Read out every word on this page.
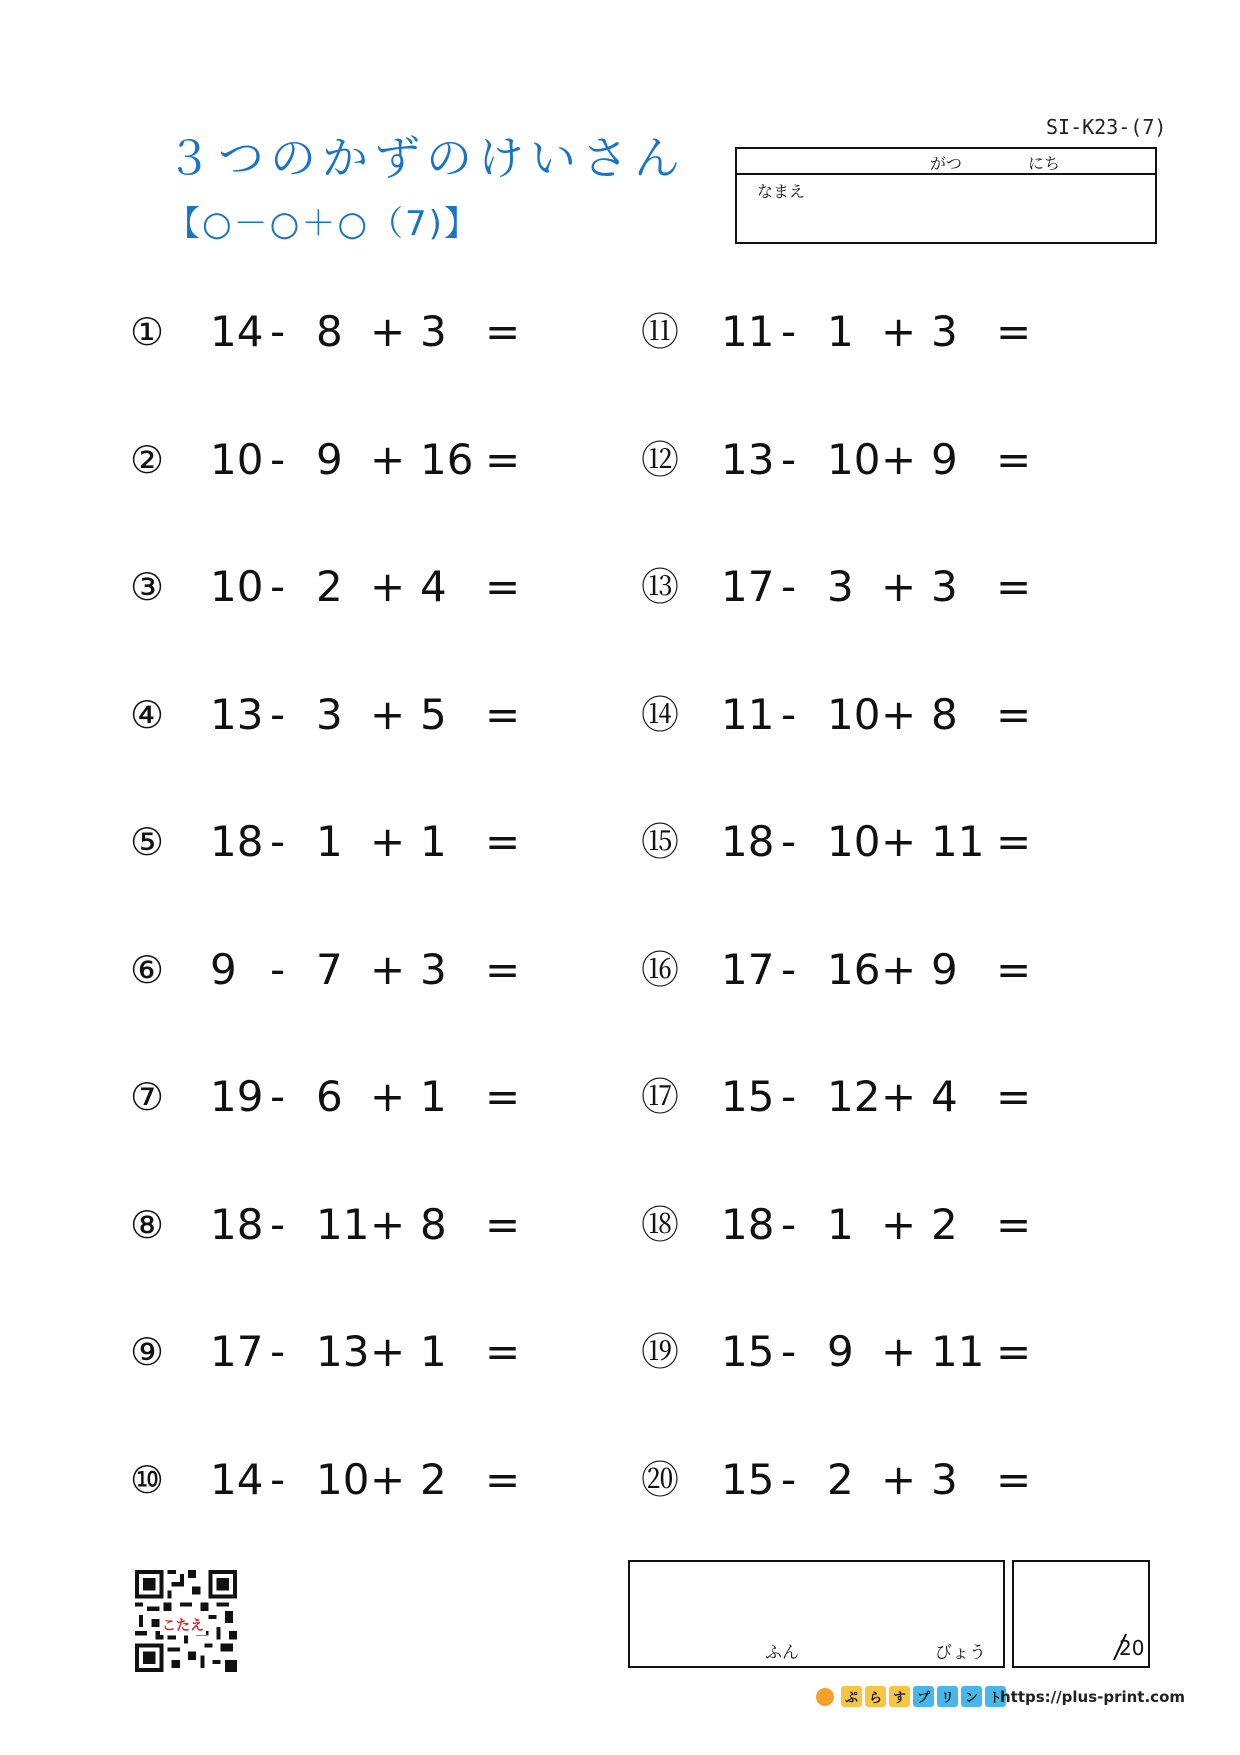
３つのかずのけいさん
【○－○＋○（7)】
SI-K23-(7)
がつ	にち
なまえ
① 14 - 8 + 3 =
② 10 - 9 + 16 =
③ 10 - 2 + 4 =
④ 13 - 3 + 5 =
⑤ 18 - 1 + 1 =
⑥ 9 - 7 + 3 =
⑦ 19 - 6 + 1 =
⑧ 18 - 11 + 8 =
⑨ 17 - 13 + 1 =
⑩ 14 - 10 + 2 =
⑪ 11 - 1 + 3 =
⑫ 13 - 10 + 9 =
⑬ 17 - 3 + 3 =
⑭ 11 - 10 + 8 =
⑮ 18 - 10 + 11 =
⑯ 17 - 16 + 9 =
⑰ 15 - 12 + 4 =
⑱ 18 - 1 + 2 =
⑲ 15 - 9 + 11 =
⑳ 15 - 2 + 3 =
こたえ
ふん	びょう	20
ぷ ら す プ リ ン ト
https://plus-print.com
